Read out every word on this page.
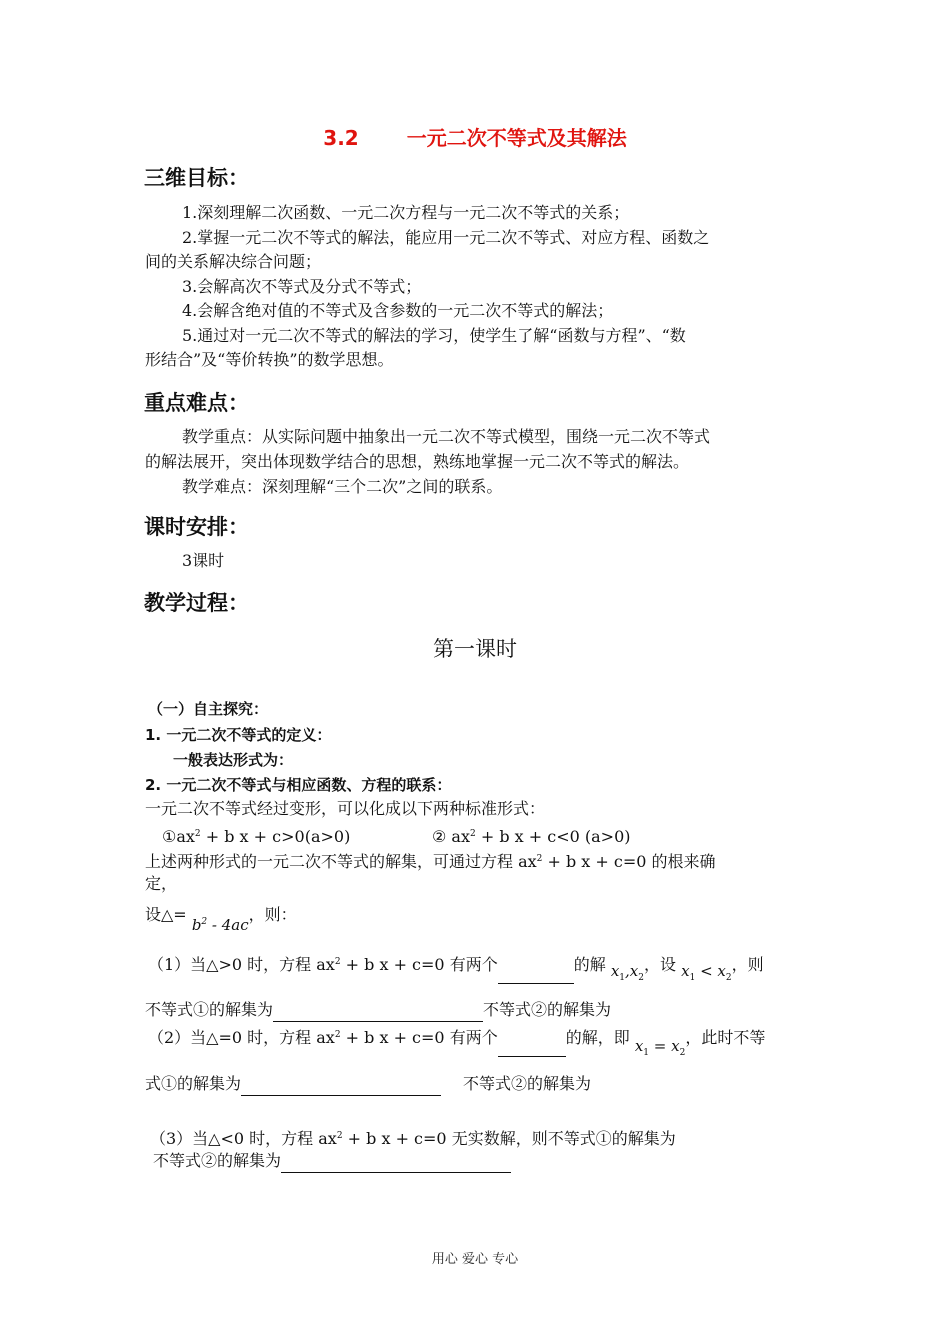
3.2 一元二次不等式及其解法
三维目标：
1.深刻理解二次函数、一元二次方程与一元二次不等式的关系；
2.掌握一元二次不等式的解法，能应用一元二次不等式、对应方程、函数之
间的关系解决综合问题；
3.会解高次不等式及分式不等式；
4.会解含绝对值的不等式及含参数的一元二次不等式的解法；
5.通过对一元二次不等式的解法的学习，使学生了解“函数与方程”、“数
形结合”及“等价转换”的数学思想。
重点难点：
教学重点：从实际问题中抽象出一元二次不等式模型，围绕一元二次不等式
的解法展开，突出体现数学结合的思想，熟练地掌握一元二次不等式的解法。
教学难点：深刻理解“三个二次”之间的联系。
课时安排：
3课时
教学过程：
第一课时
（一）自主探究：
1. 一元二次不等式的定义：
一般表达形式为：
2. 一元二次不等式与相应函数、方程的联系：
一元二次不等式经过变形，可以化成以下两种标准形式：
$①ax^2 + b$ x + c>0(a>0)	② $ax^2 + b$ x + c<0 (a>0)
上述两种形式的一元二次不等式的解集，可通过方程 $ax^2 + b$ x + c=0 的根来确
定，
设△= $b^2 - 4ac$，则：
（1）当△>0 时，方程 $ax^2 + b$ x + c=0 有两个	的解 $x_1,x_2$，设 $x_1 < x_2$，则
不等式①的解集为	不等式②的解集为
（2）当△=0 时，方程 $ax^2 + b$ x + c=0 有两个	的解，即 $x_1 = x_2$，此时不等
式①的解集为	不等式②的解集为
（3）当△<0 时，方程 $ax^2 + b$ x + c=0 无实数解，则不等式①的解集为
不等式②的解集为
用心 爱心 专心
